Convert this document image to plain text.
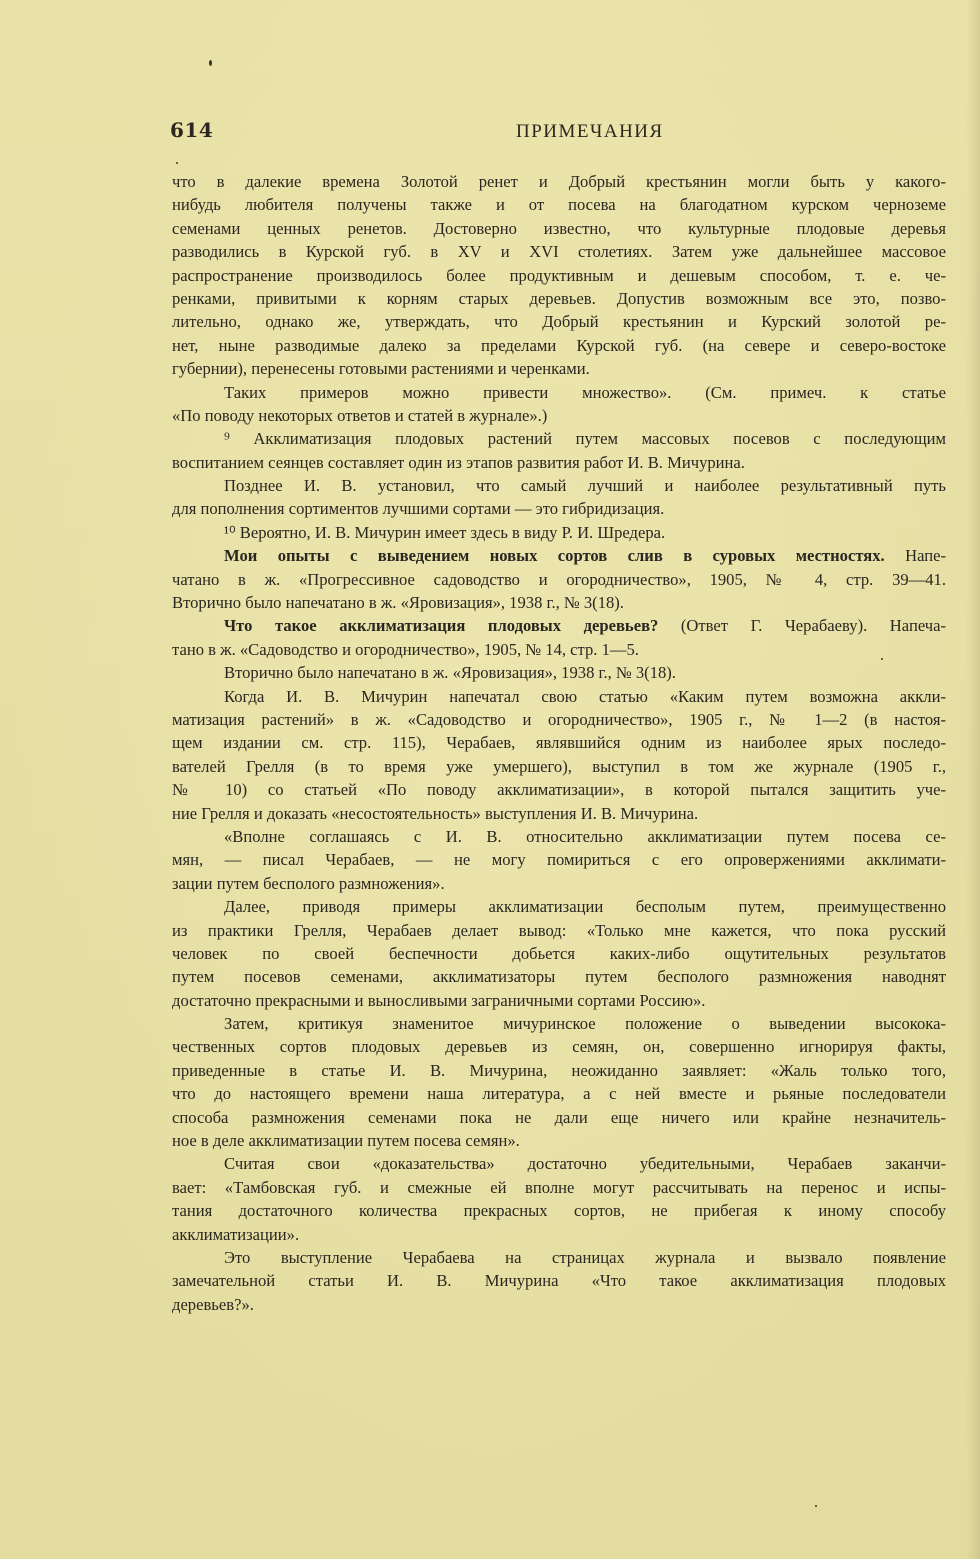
614	ПРИМЕЧАНИЯ
что в далекие времена Золотой ренет и Добрый крестьянин могли быть у какого-
нибудь любителя получены также и от посева на благодатном курском черноземе
семенами ценных ренетов. Достоверно известно, что культурные плодовые деревья
разводились в Курской губ. в XV и XVI столетиях. Затем уже дальнейшее массовое
распространение производилось более продуктивным и дешевым способом, т. е. че-
ренками, привитыми к корням старых деревьев. Допустив возможным все это, позво-
лительно, однако же, утверждать, что Добрый крестьянин и Курский золотой ре-
нет, ныне разводимые далеко за пределами Курской губ. (на севере и северо-востоке
губернии), перенесены готовыми растениями и черенками.
Таких примеров можно привести множество». (См. примеч. к статье
«По поводу некоторых ответов и статей в журнале».)
⁹ Акклиматизация плодовых растений путем массовых посевов с последующим
воспитанием сеянцев составляет один из этапов развития работ И. В. Мичурина.
Позднее И. В. установил, что самый лучший и наиболее результативный путь
для пополнения сортиментов лучшими сортами — это гибридизация.
¹⁰ Вероятно, И. В. Мичурин имеет здесь в виду Р. И. Шредера.
Мои опыты с выведением новых сортов слив в суровых местностях. Напе-
чатано в ж. «Прогрессивное садоводство и огородничество», 1905, № 4, стр. 39—41.
Вторично было напечатано в ж. «Яровизация», 1938 г., № 3(18).
Что такое акклиматизация плодовых деревьев? (Ответ Г. Черабаеву). Напеча-
тано в ж. «Садоводство и огородничество», 1905, № 14, стр. 1—5.
Вторично было напечатано в ж. «Яровизация», 1938 г., № 3(18).
Когда И. В. Мичурин напечатал свою статью «Каким путем возможна аккли-
матизация растений» в ж. «Садоводство и огородничество», 1905 г., № 1—2 (в настоя-
щем издании см. стр. 115), Черабаев, являвшийся одним из наиболее ярых последо-
вателей Грелля (в то время уже умершего), выступил в том же журнале (1905 г.,
№ 10) со статьей «По поводу акклиматизации», в которой пытался защитить уче-
ние Грелля и доказать «несостоятельность» выступления И. В. Мичурина.
«Вполне соглашаясь с И. В. относительно акклиматизации путем посева се-
мян, — писал Черабаев, — не могу помириться с его опровержениями акклимати-
зации путем бесполого размножения».
Далее, приводя примеры акклиматизации бесполым путем, преимущественно
из практики Грелля, Черабаев делает вывод: «Только мне кажется, что пока русский
человек по своей беспечности добьется каких-либо ощутительных результатов
путем посевов семенами, акклиматизаторы путем бесполого размножения наводнят
достаточно прекрасными и выносливыми заграничными сортами Россию».
Затем, критикуя знаменитое мичуринское положение о выведении высокока-
чественных сортов плодовых деревьев из семян, он, совершенно игнорируя факты,
приведенные в статье И. В. Мичурина, неожиданно заявляет: «Жаль только того,
что до настоящего времени наша литература, а с ней вместе и рьяные последователи
способа размножения семенами пока не дали еще ничего или крайне незначитель-
ное в деле акклиматизации путем посева семян».
Считая свои «доказательства» достаточно убедительными, Черабаев заканчи-
вает: «Тамбовская губ. и смежные ей вполне могут рассчитывать на перенос и испы-
тания достаточного количества прекрасных сортов, не прибегая к иному способу
акклиматизации».
Это выступление Черабаева на страницах журнала и вызвало появление
замечательной статьи И. В. Мичурина «Что такое акклиматизация плодовых
деревьев?».
